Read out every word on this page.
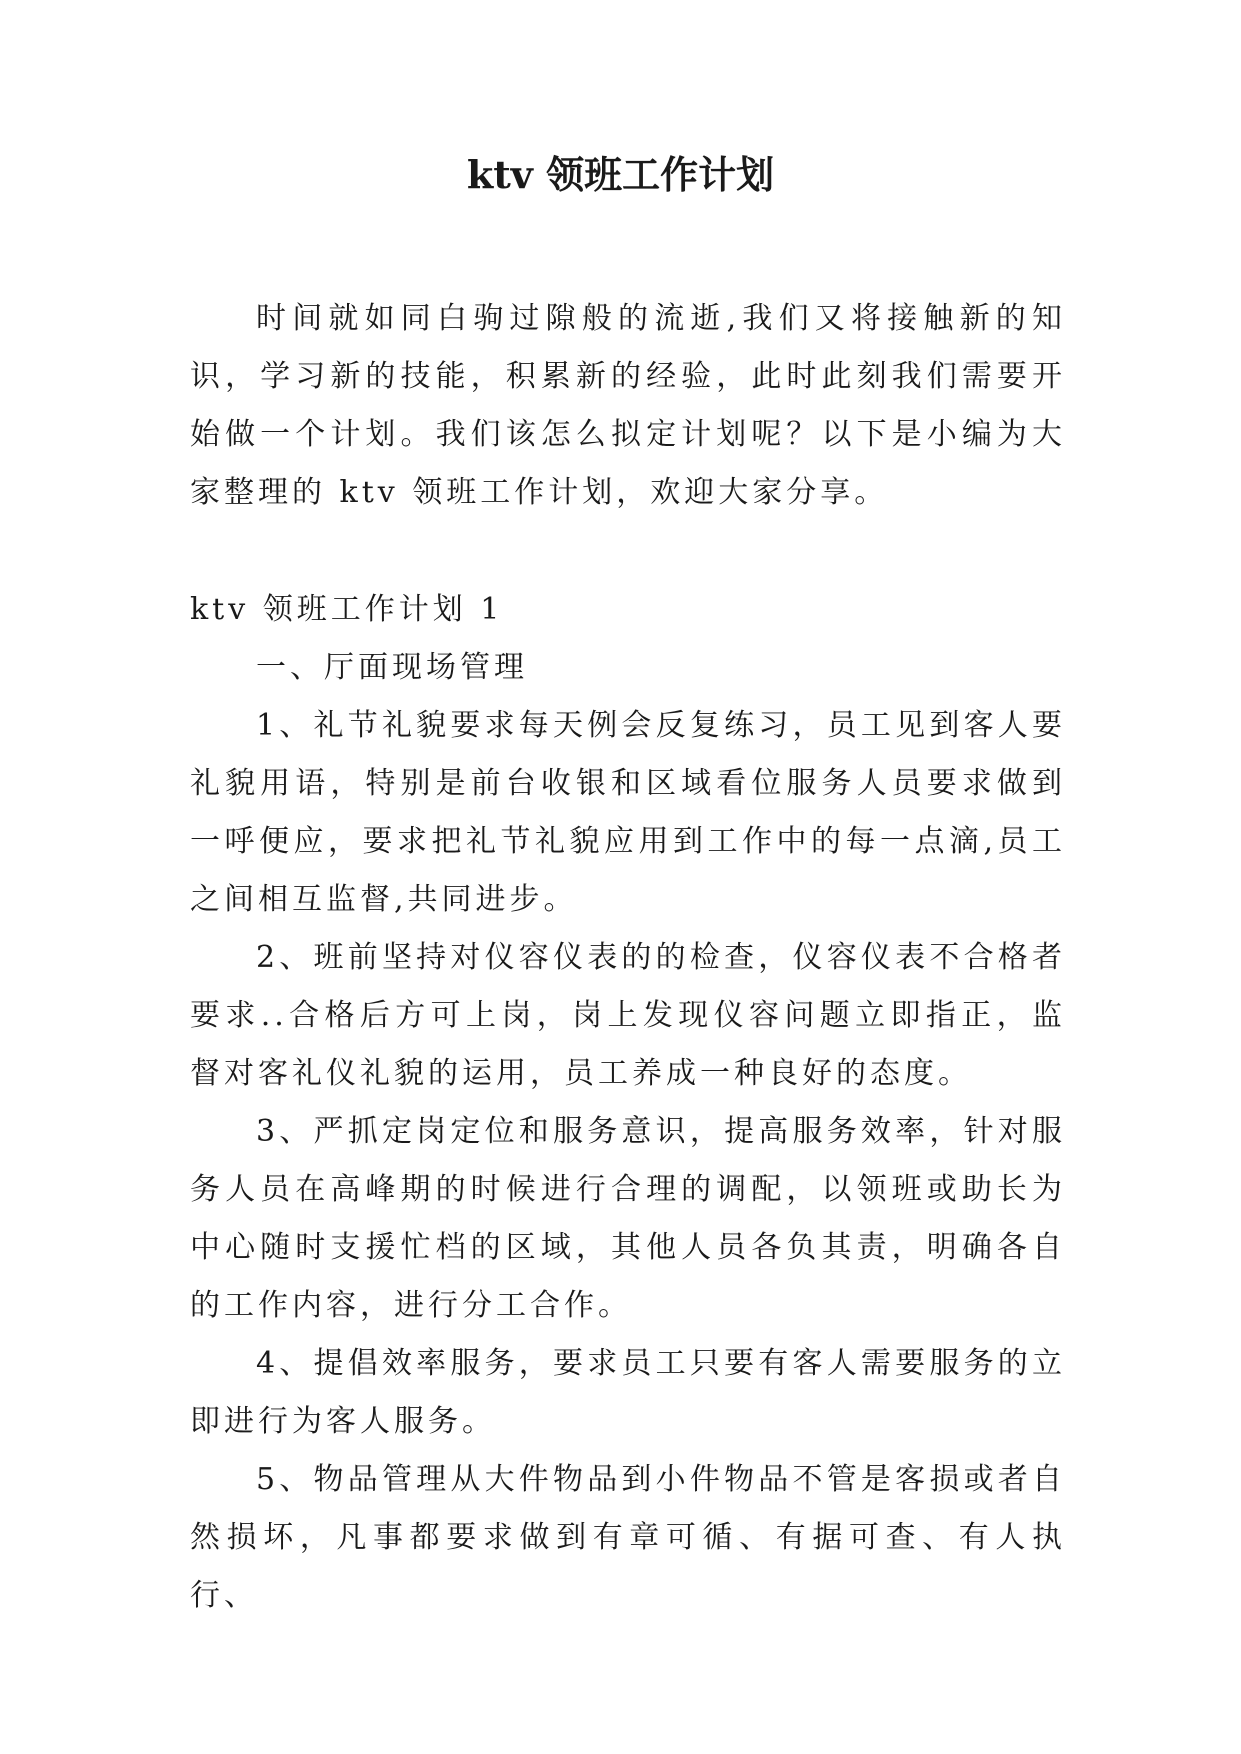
ktv 领班工作计划

时间就如同白驹过隙般的流逝,我们又将接触新的知识，学习新的技能，积累新的经验，此时此刻我们需要开始做一个计划。我们该怎么拟定计划呢？以下是小编为大家整理的 ktv 领班工作计划，欢迎大家分享。

ktv 领班工作计划 1

一、厅面现场管理

1、礼节礼貌要求每天例会反复练习，员工见到客人要礼貌用语，特别是前台收银和区域看位服务人员要求做到一呼便应，要求把礼节礼貌应用到工作中的每一点滴,员工之间相互监督,共同进步。

2、班前坚持对仪容仪表的的检查，仪容仪表不合格者要求..合格后方可上岗，岗上发现仪容问题立即指正，监督对客礼仪礼貌的运用，员工养成一种良好的态度。

3、严抓定岗定位和服务意识，提高服务效率，针对服务人员在高峰期的时候进行合理的调配，以领班或助长为中心随时支援忙档的区域，其他人员各负其责，明确各自的工作内容，进行分工合作。

4、提倡效率服务，要求员工只要有客人需要服务的立即进行为客人服务。

5、物品管理从大件物品到小件物品不管是客损或者自然损坏，凡事都要求做到有章可循、有据可查、有人执行、
